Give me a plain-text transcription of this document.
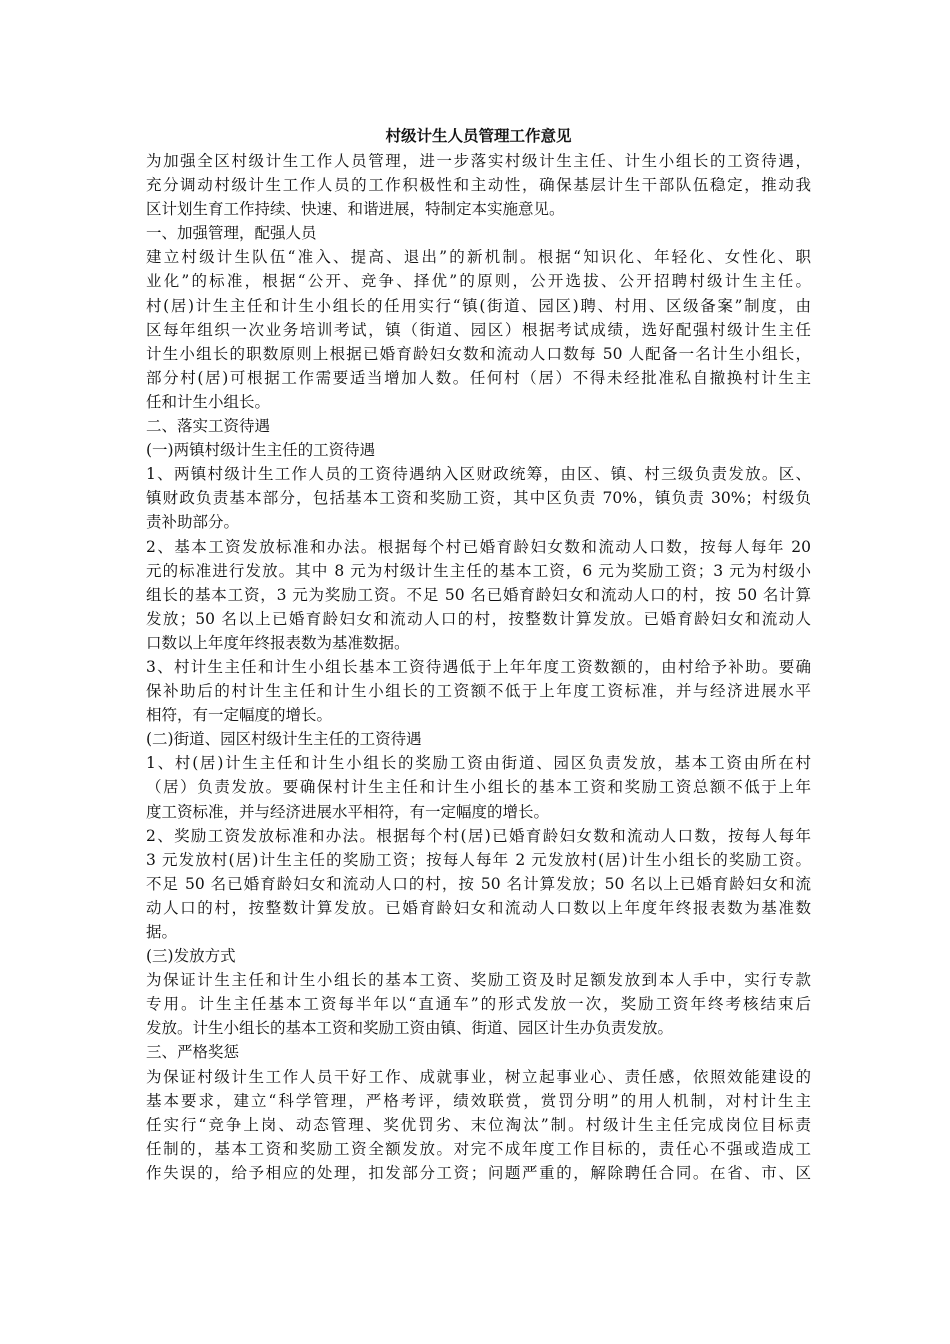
村级计生人员管理工作意见

为加强全区村级计生工作人员管理，进一步落实村级计生主任、计生小组长的工资待遇，

充分调动村级计生工作人员的工作积极性和主动性，确保基层计生干部队伍稳定，推动我

区计划生育工作持续、快速、和谐进展，特制定本实施意见。

一、加强管理，配强人员

建立村级计生队伍“准入、提高、退出”的新机制。根据“知识化、年轻化、女性化、职

业化”的标准，根据“公开、竞争、择优”的原则，公开选拔、公开招聘村级计生主任。

村(居)计生主任和计生小组长的任用实行“镇(街道、园区)聘、村用、区级备案”制度，由

区每年组织一次业务培训考试，镇（街道、园区）根据考试成绩，选好配强村级计生主任

计生小组长的职数原则上根据已婚育龄妇女数和流动人口数每 50 人配备一名计生小组长，

部分村(居)可根据工作需要适当增加人数。任何村（居）不得未经批准私自撤换村计生主

任和计生小组长。

二、落实工资待遇

(一)两镇村级计生主任的工资待遇

1、两镇村级计生工作人员的工资待遇纳入区财政统筹，由区、镇、村三级负责发放。区、

镇财政负责基本部分，包括基本工资和奖励工资，其中区负责 70%，镇负责 30%；村级负

责补助部分。

2、基本工资发放标准和办法。根据每个村已婚育龄妇女数和流动人口数，按每人每年 20

元的标准进行发放。其中 8 元为村级计生主任的基本工资，6 元为奖励工资；3 元为村级小

组长的基本工资，3 元为奖励工资。不足 50 名已婚育龄妇女和流动人口的村，按 50 名计算

发放；50 名以上已婚育龄妇女和流动人口的村，按整数计算发放。已婚育龄妇女和流动人

口数以上年度年终报表数为基准数据。

3、村计生主任和计生小组长基本工资待遇低于上年年度工资数额的，由村给予补助。要确

保补助后的村计生主任和计生小组长的工资额不低于上年度工资标准，并与经济进展水平

相符，有一定幅度的增长。

(二)街道、园区村级计生主任的工资待遇

1、村(居)计生主任和计生小组长的奖励工资由街道、园区负责发放，基本工资由所在村

（居）负责发放。要确保村计生主任和计生小组长的基本工资和奖励工资总额不低于上年

度工资标准，并与经济进展水平相符，有一定幅度的增长。

2、奖励工资发放标准和办法。根据每个村(居)已婚育龄妇女数和流动人口数，按每人每年

3 元发放村(居)计生主任的奖励工资；按每人每年 2 元发放村(居)计生小组长的奖励工资。

不足 50 名已婚育龄妇女和流动人口的村，按 50 名计算发放；50 名以上已婚育龄妇女和流

动人口的村，按整数计算发放。已婚育龄妇女和流动人口数以上年度年终报表数为基准数

据。

(三)发放方式

为保证计生主任和计生小组长的基本工资、奖励工资及时足额发放到本人手中，实行专款

专用。计生主任基本工资每半年以“直通车”的形式发放一次，奖励工资年终考核结束后

发放。计生小组长的基本工资和奖励工资由镇、街道、园区计生办负责发放。

三、严格奖惩

为保证村级计生工作人员干好工作、成就事业，树立起事业心、责任感，依照效能建设的

基本要求，建立“科学管理，严格考评，绩效联赏，赏罚分明”的用人机制，对村计生主

任实行“竞争上岗、动态管理、奖优罚劣、末位淘汰”制。村级计生主任完成岗位目标责

任制的，基本工资和奖励工资全额发放。对完不成年度工作目标的，责任心不强或造成工

作失误的，给予相应的处理，扣发部分工资；问题严重的，解除聘任合同。在省、市、区
